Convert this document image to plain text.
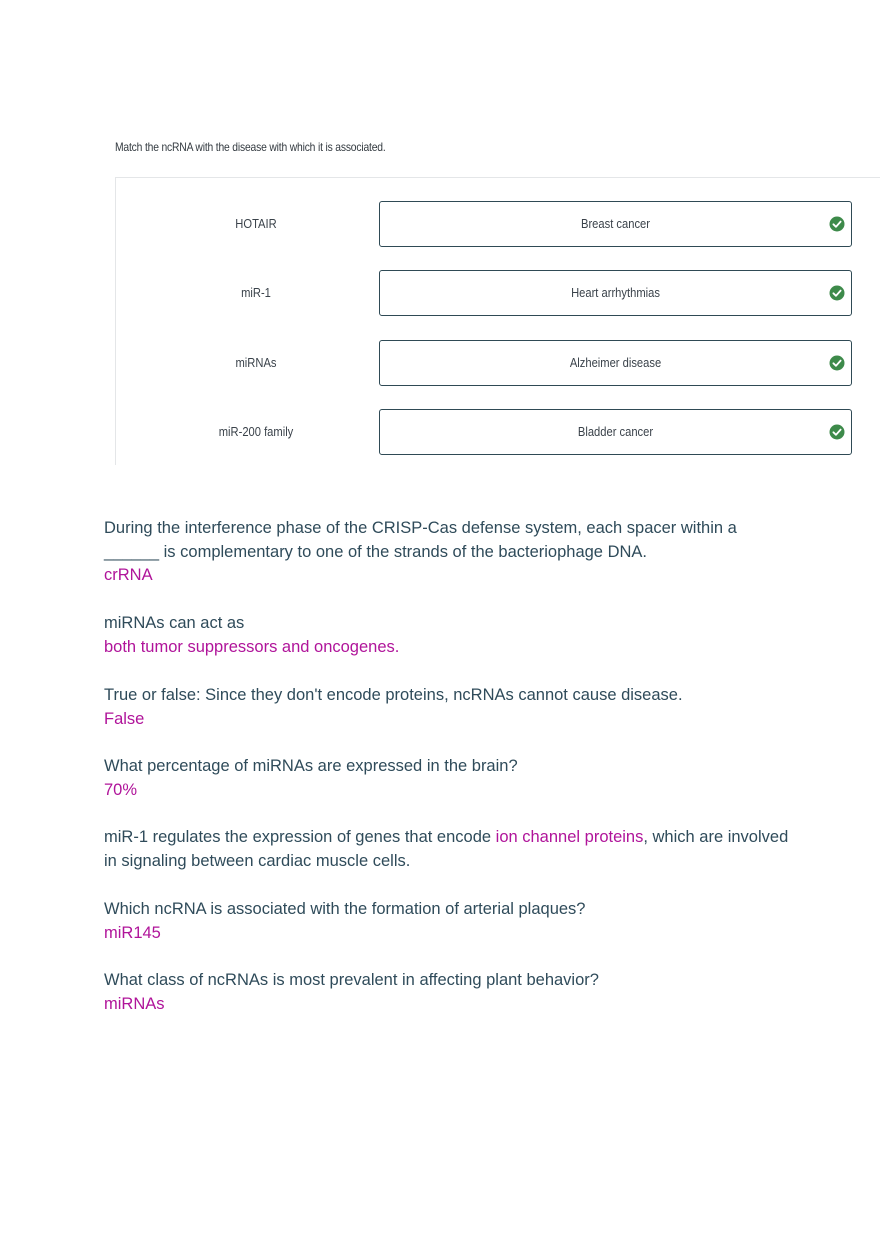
Match the ncRNA with the disease with which it is associated.
HOTAIR	Breast cancer
miR-1	Heart arrhythmias
miRNAs	Alzheimer disease
miR-200 family	Bladder cancer
During the interference phase of the CRISP-Cas defense system, each spacer within a ______ is complementary to one of the strands of the bacteriophage DNA.
crRNA
miRNAs can act as
both tumor suppressors and oncogenes.
True or false: Since they don't encode proteins, ncRNAs cannot cause disease.
False
What percentage of miRNAs are expressed in the brain?
70%
miR-1 regulates the expression of genes that encode ion channel proteins, which are involved in signaling between cardiac muscle cells.
Which ncRNA is associated with the formation of arterial plaques?
miR145
What class of ncRNAs is most prevalent in affecting plant behavior?
miRNAs
